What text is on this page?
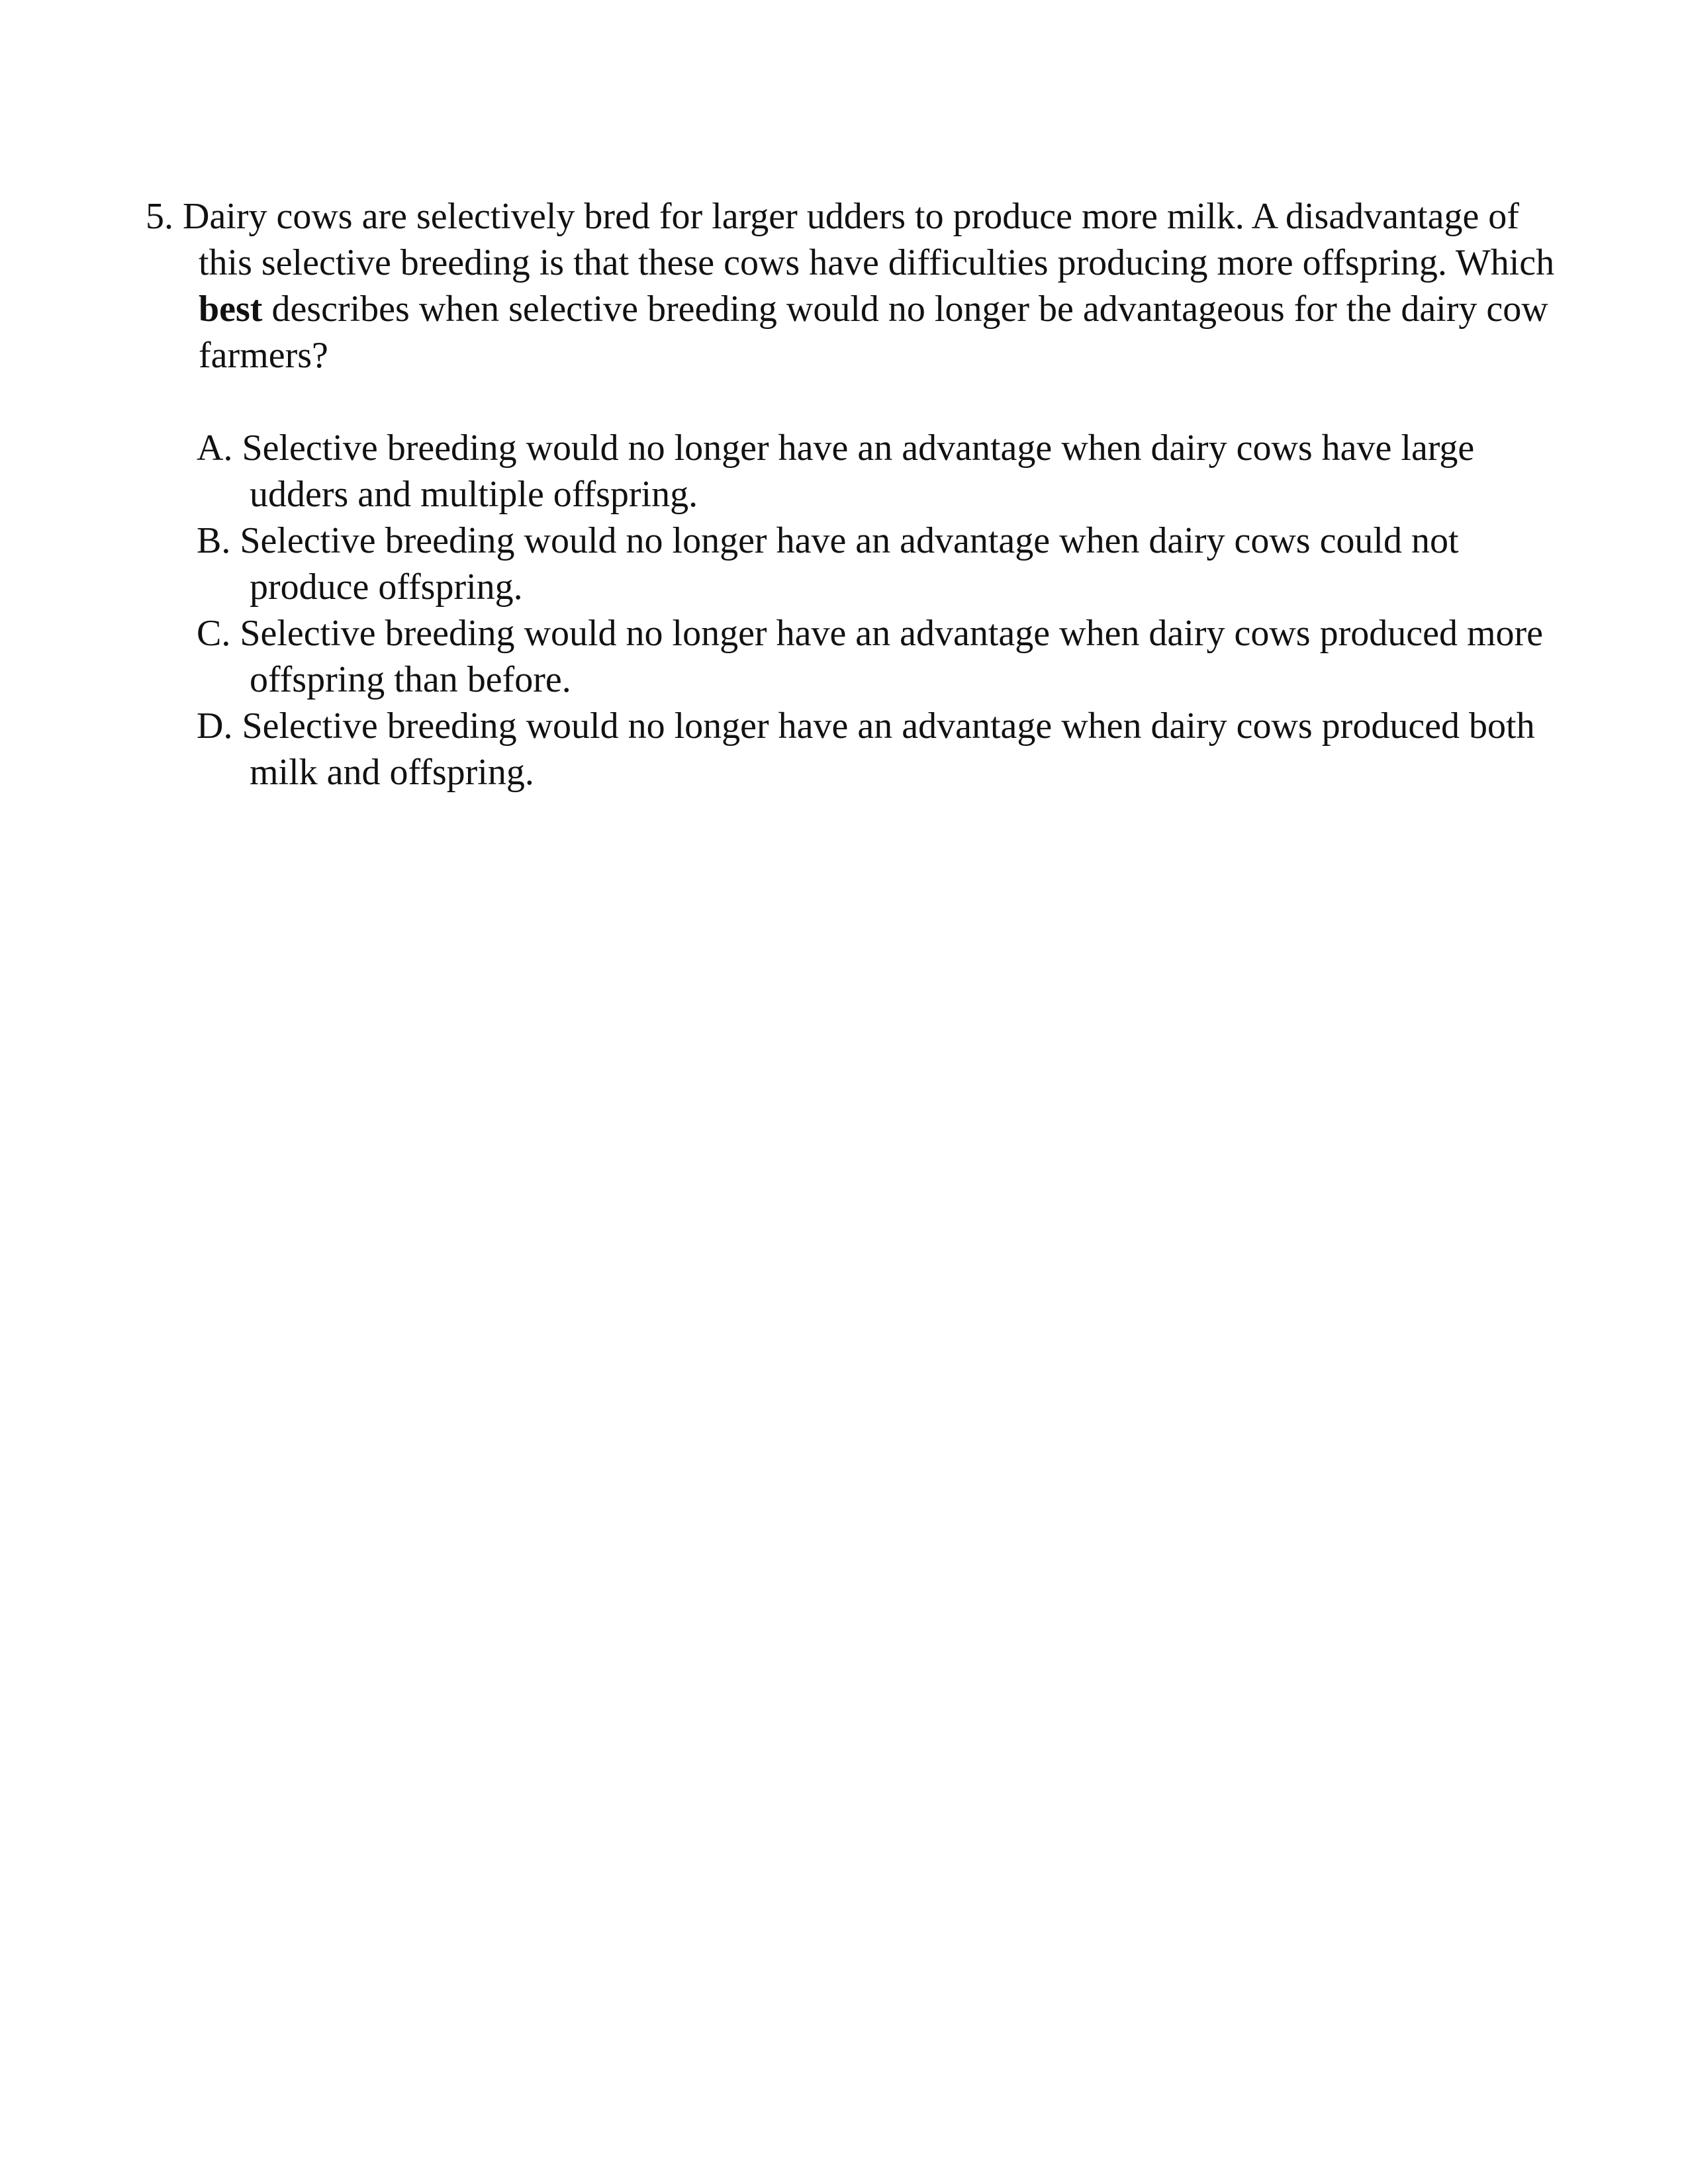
5. Dairy cows are selectively bred for larger udders to produce more milk. A disadvantage of this selective breeding is that these cows have difficulties producing more offspring. Which best describes when selective breeding would no longer be advantageous for the dairy cow farmers?

A. Selective breeding would no longer have an advantage when dairy cows have large udders and multiple offspring.
B. Selective breeding would no longer have an advantage when dairy cows could not produce offspring.
C. Selective breeding would no longer have an advantage when dairy cows produced more offspring than before.
D. Selective breeding would no longer have an advantage when dairy cows produced both milk and offspring.
